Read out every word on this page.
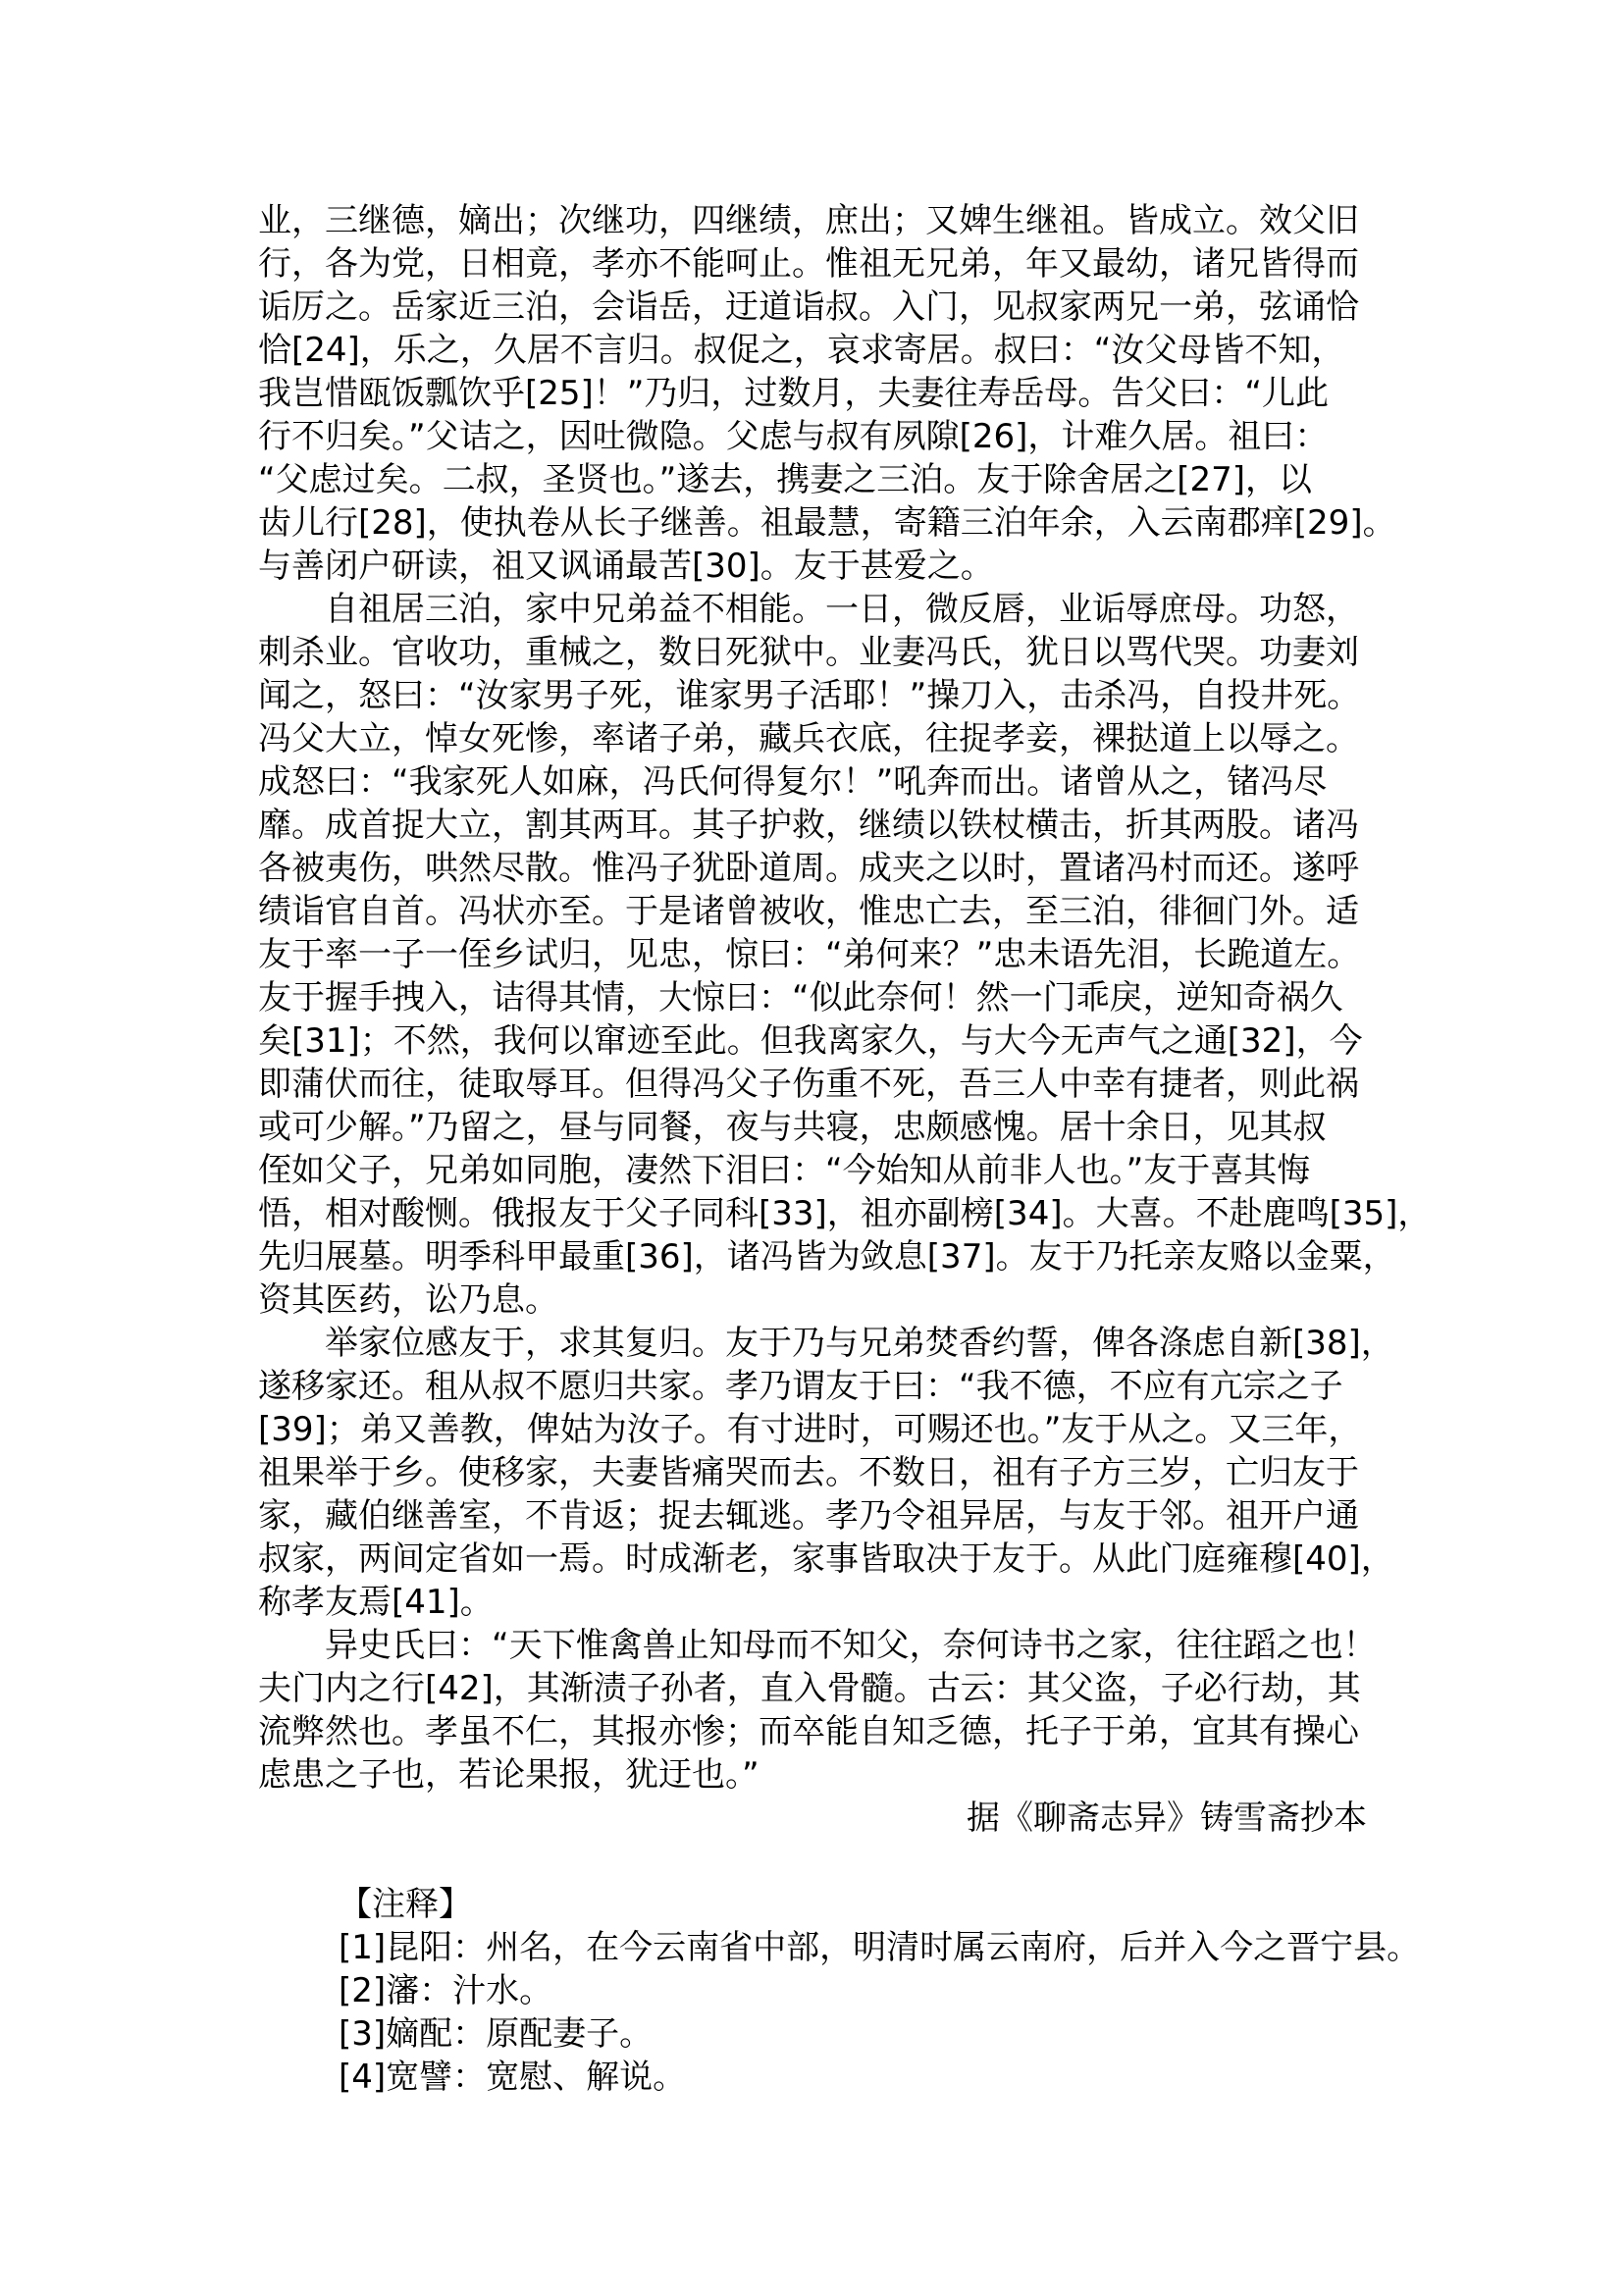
业，三继德，嫡出；次继功，四继绩，庶出；又婢生继祖。皆成立。效父旧
行，各为党，日相竟，孝亦不能呵止。惟祖无兄弟，年又最幼，诸兄皆得而
诟厉之。岳家近三泊，会诣岳，迂道诣叔。入门，见叔家两兄一弟，弦诵恰
恰[24]，乐之，久居不言归。叔促之，哀求寄居。叔曰：“汝父母皆不知，
我岂惜瓯饭瓢饮乎[25]！”乃归，过数月，夫妻往寿岳母。告父曰：“儿此
行不归矣。”父诘之，因吐微隐。父虑与叔有夙隙[26]，计难久居。祖曰：
“父虑过矣。二叔，圣贤也。”遂去，携妻之三泊。友于除舍居之[27]，以
齿儿行[28]，使执卷从长子继善。祖最慧，寄籍三泊年余，入云南郡痒[29]。
与善闭户研读，祖又讽诵最苦[30]。友于甚爱之。
　　自祖居三泊，家中兄弟益不相能。一日，微反唇，业诟辱庶母。功怒，
刺杀业。官收功，重械之，数日死狱中。业妻冯氏，犹日以骂代哭。功妻刘
闻之，怒曰：“汝家男子死，谁家男子活耶！”操刀入，击杀冯，自投井死。
冯父大立，悼女死惨，率诸子弟，藏兵衣底，往捉孝妾，裸挞道上以辱之。
成怒曰：“我家死人如麻，冯氏何得复尔！”吼奔而出。诸曾从之，锗冯尽
靡。成首捉大立，割其两耳。其子护救，继绩以铁杖横击，折其两股。诸冯
各被夷伤，哄然尽散。惟冯子犹卧道周。成夹之以时，置诸冯村而还。遂呼
绩诣官自首。冯状亦至。于是诸曾被收，惟忠亡去，至三泊，徘徊门外。适
友于率一子一侄乡试归，见忠，惊曰：“弟何来？”忠未语先泪，长跪道左。
友于握手拽入，诘得其情，大惊曰：“似此奈何！然一门乖戾，逆知奇祸久
矣[31]；不然，我何以窜迹至此。但我离家久，与大今无声气之通[32]，今
即蒲伏而往，徒取辱耳。但得冯父子伤重不死，吾三人中幸有捷者，则此祸
或可少解。”乃留之，昼与同餐，夜与共寝，忠颇感愧。居十余日，见其叔
侄如父子，兄弟如同胞，凄然下泪曰：“今始知从前非人也。”友于喜其悔
悟，相对酸恻。俄报友于父子同科[33]，祖亦副榜[34]。大喜。不赴鹿鸣[35]，
先归展墓。明季科甲最重[36]，诸冯皆为敛息[37]。友于乃托亲友赂以金粟，
资其医药，讼乃息。
　　举家位感友于，求其复归。友于乃与兄弟焚香约誓，俾各涤虑自新[38]，
遂移家还。租从叔不愿归共家。孝乃谓友于曰：“我不德，不应有亢宗之子
[39]；弟又善教，俾姑为汝子。有寸进时，可赐还也。”友于从之。又三年，
祖果举于乡。使移家，夫妻皆痛哭而去。不数日，祖有子方三岁，亡归友于
家，藏伯继善室，不肯返；捉去辄逃。孝乃令祖异居，与友于邻。祖开户通
叔家，两间定省如一焉。时成渐老，家事皆取决于友于。从此门庭雍穆[40]，
称孝友焉[41]。
　　异史氏曰：“天下惟禽兽止知母而不知父，奈何诗书之家，往往蹈之也！
夫门内之行[42]，其渐渍子孙者，直入骨髓。古云：其父盗，子必行劫，其
流弊然也。孝虽不仁，其报亦惨；而卒能自知乏德，托子于弟，宜其有操心
虑患之子也，若论果报，犹迂也。”
据《聊斋志异》铸雪斋抄本
【注释】
[1]昆阳：州名，在今云南省中部，明清时属云南府，后并入今之晋宁县。
[2]瀋：汁水。
[3]嫡配：原配妻子。
[4]宽譬：宽慰、解说。
